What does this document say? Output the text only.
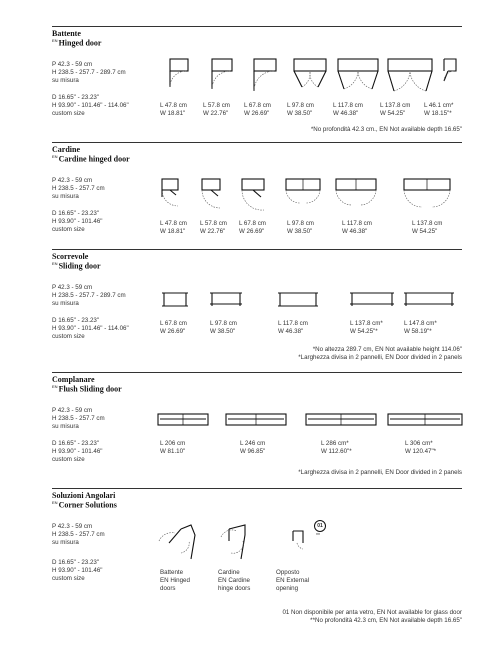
Battente
$^{EN}$Hinged door
P 42.3 - 59 cm
H 238.5 - 257.7 - 289.7 cm
su misura
D 16.65" - 23.23"
H 93.90" - 101.46" - 114.06"
custom size
L 47.8 cm
W 18.81"
L 57.8 cm
W 22.76"
L 67.8 cm
W 26.69"
L 97.8 cm
W 38.50"
L 117.8 cm
W 46.38"
L 137.8 cm
W 54.25"
L 46.1 cm*
W 18.15"*
*No profondità 42.3 cm., EN Not available depth 16.65"
Cardine
$^{EN}$Cardine hinged door
P 42.3 - 59 cm
H 238.5 - 257.7 cm
su misura
D 16.65" - 23.23"
H 93.90" - 101.46"
custom size
L 47.8 cm
W 18.81"
L 57.8 cm
W 22.76"
L 67.8 cm
W 26.69"
L 97.8 cm
W 38.50"
L 117.8 cm
W 46.38"
L 137.8 cm
W 54.25"
Scorrevole
$^{EN}$Sliding door
P 42.3 - 59 cm
H 238.5 - 257.7 - 289.7 cm
su misura
D 16.65" - 23.23"
H 93.90" - 101.46" - 114.06"
custom size
L 67.8 cm
W 26.69"
L 97.8 cm
W 38.50"
L 117.8 cm
W 46.38"
L 137.8 cm*
W 54.25"*
L 147.8 cm*
W 58.19"*
*No altezza 289.7 cm, EN Not available height 114.06"
*Larghezza divisa in 2 pannelli, EN Door divided in 2 panels
Complanare
$^{EN}$Flush Sliding door
P 42.3 - 59 cm
H 238.5 - 257.7 cm
su misura
D 16.65" - 23.23"
H 93.90" - 101.46"
custom size
L 206 cm
W 81.10"
L 246 cm
W 96.85"
L 286 cm*
W 112.60"*
L 306 cm*
W 120.47"*
*Larghezza divisa in 2 pannelli, EN Door divided in 2 panels
Soluzioni Angolari
$^{EN}$Corner Solutions
P 42.3 - 59 cm
H 238.5 - 257.7 cm
su misura
D 16.65" - 23.23"
H 93.90" - 101.46"
custom size
01
**
Battente
EN Hinged
doors
Cardine
EN Cardine
hinge doors
Opposto
EN External
opening
01 Non disponibile per anta vetro, EN Not available for glass door
**No profondità 42.3 cm, EN Not available depth 16.65"
